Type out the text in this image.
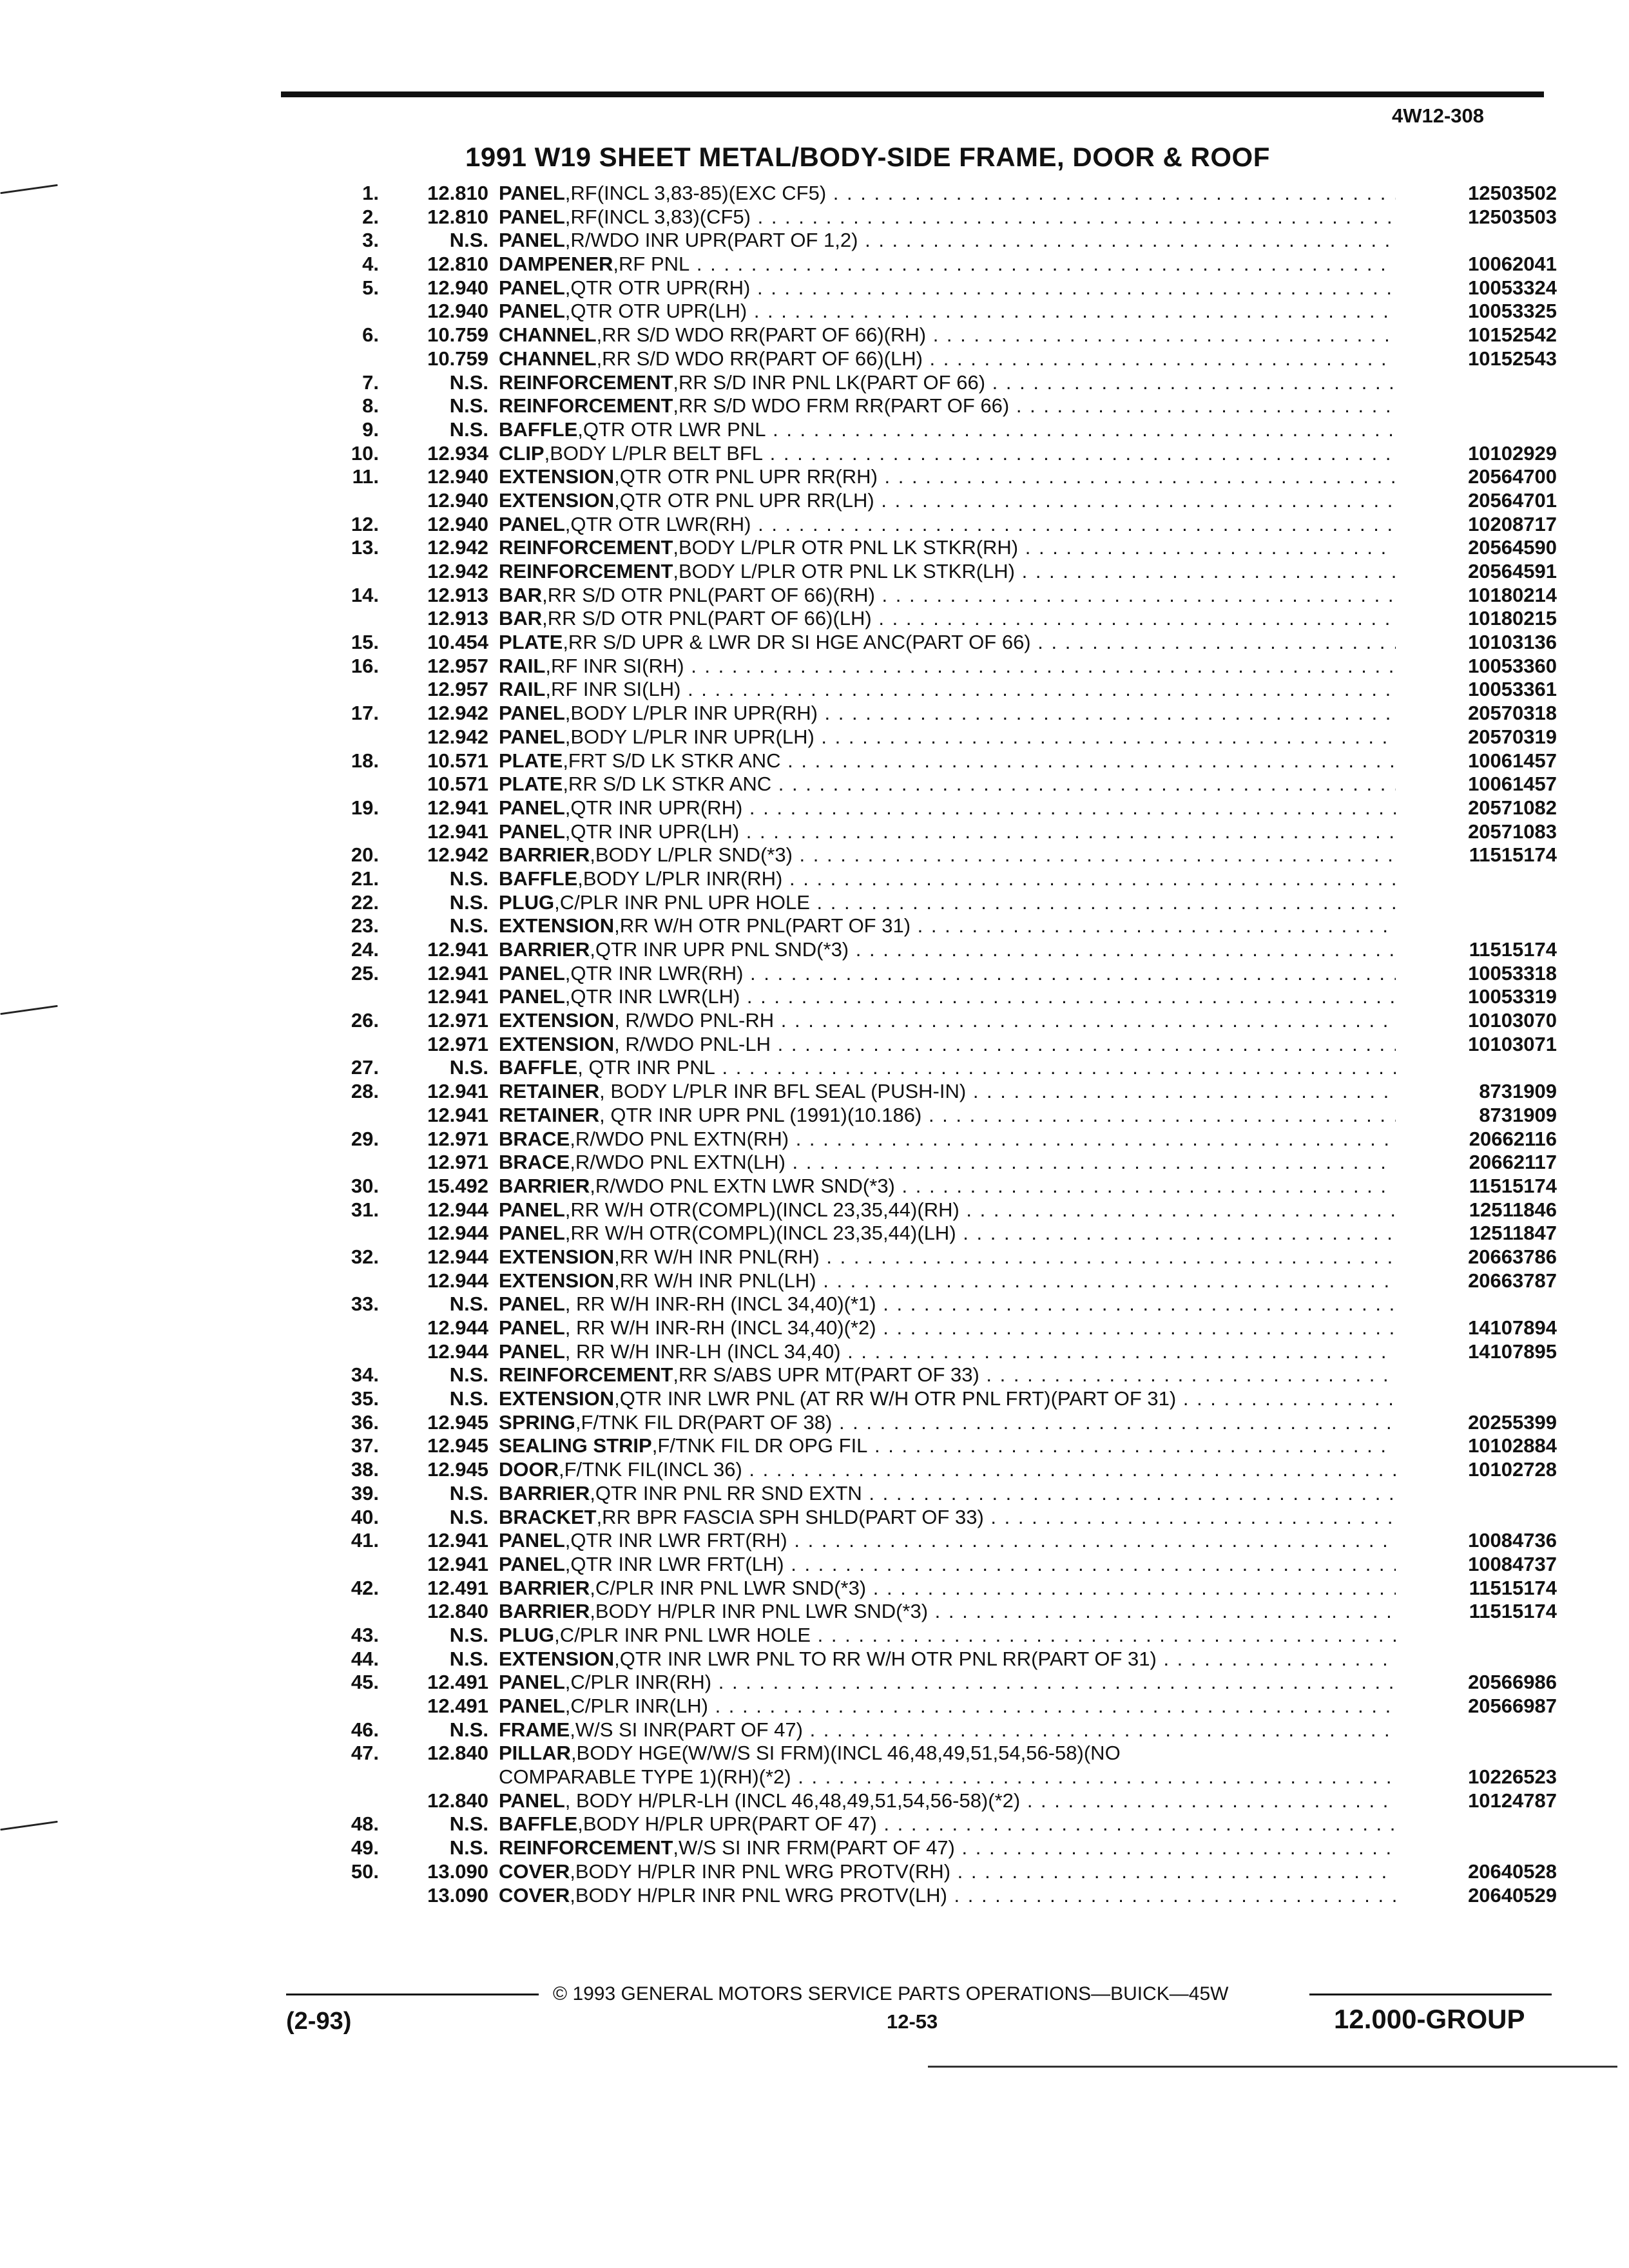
4W12-308
1991 W19 SHEET METAL/BODY-SIDE FRAME, DOOR & ROOF
1.	12.810 PANEL,RF(INCL 3,83-85)(EXC CF5) . . .	12503502
2.	12.810 PANEL,RF(INCL 3,83)(CF5) . . .	12503503
3.	N.S. PANEL,R/WDO INR UPR(PART OF 1,2) . . .
4.	12.810 DAMPENER,RF PNL . . .	10062041
5.	12.940 PANEL,QTR OTR UPR(RH) . . .	10053324
12.940 PANEL,QTR OTR UPR(LH) . . .	10053325
6.	10.759 CHANNEL,RR S/D WDO RR(PART OF 66)(RH) . . .	10152542
10.759 CHANNEL,RR S/D WDO RR(PART OF 66)(LH) . . .	10152543
7.	N.S. REINFORCEMENT,RR S/D INR PNL LK(PART OF 66) . . .
8.	N.S. REINFORCEMENT,RR S/D WDO FRM RR(PART OF 66) . . .
9.	N.S. BAFFLE,QTR OTR LWR PNL . . .
10.	12.934 CLIP,BODY L/PLR BELT BFL . . .	10102929
11.	12.940 EXTENSION,QTR OTR PNL UPR RR(RH) . . .	20564700
12.940 EXTENSION,QTR OTR PNL UPR RR(LH) . . .	20564701
12.	12.940 PANEL,QTR OTR LWR(RH) . . .	10208717
13.	12.942 REINFORCEMENT,BODY L/PLR OTR PNL LK STKR(RH) . . .	20564590
12.942 REINFORCEMENT,BODY L/PLR OTR PNL LK STKR(LH) . . .	20564591
14.	12.913 BAR,RR S/D OTR PNL(PART OF 66)(RH) . . .	10180214
12.913 BAR,RR S/D OTR PNL(PART OF 66)(LH) . . .	10180215
15.	10.454 PLATE,RR S/D UPR & LWR DR SI HGE ANC(PART OF 66) . . .	10103136
16.	12.957 RAIL,RF INR SI(RH) . . .	10053360
12.957 RAIL,RF INR SI(LH) . . .	10053361
17.	12.942 PANEL,BODY L/PLR INR UPR(RH) . . .	20570318
12.942 PANEL,BODY L/PLR INR UPR(LH) . . .	20570319
18.	10.571 PLATE,FRT S/D LK STKR ANC . . .	10061457
10.571 PLATE,RR S/D LK STKR ANC . . .	10061457
19.	12.941 PANEL,QTR INR UPR(RH) . . .	20571082
12.941 PANEL,QTR INR UPR(LH) . . .	20571083
20.	12.942 BARRIER,BODY L/PLR SND(*3) . . .	11515174
21.	N.S. BAFFLE,BODY L/PLR INR(RH) . . .
22.	N.S. PLUG,C/PLR INR PNL UPR HOLE . . .
23.	N.S. EXTENSION,RR W/H OTR PNL(PART OF 31) . . .
24.	12.941 BARRIER,QTR INR UPR PNL SND(*3) . . .	11515174
25.	12.941 PANEL,QTR INR LWR(RH) . . .	10053318
12.941 PANEL,QTR INR LWR(LH) . . .	10053319
26.	12.971 EXTENSION, R/WDO PNL-RH . . .	10103070
12.971 EXTENSION, R/WDO PNL-LH . . .	10103071
27.	N.S. BAFFLE, QTR INR PNL . . .
28.	12.941 RETAINER, BODY L/PLR INR BFL SEAL (PUSH-IN) . . .	8731909
12.941 RETAINER, QTR INR UPR PNL (1991)(10.186) . . .	8731909
29.	12.971 BRACE,R/WDO PNL EXTN(RH) . . .	20662116
12.971 BRACE,R/WDO PNL EXTN(LH) . . .	20662117
30.	15.492 BARRIER,R/WDO PNL EXTN LWR SND(*3) . . .	11515174
31.	12.944 PANEL,RR W/H OTR(COMPL)(INCL 23,35,44)(RH) . . .	12511846
12.944 PANEL,RR W/H OTR(COMPL)(INCL 23,35,44)(LH) . . .	12511847
32.	12.944 EXTENSION,RR W/H INR PNL(RH) . . .	20663786
12.944 EXTENSION,RR W/H INR PNL(LH) . . .	20663787
33.	N.S. PANEL, RR W/H INR-RH (INCL 34,40)(*1) . . .
12.944 PANEL, RR W/H INR-RH (INCL 34,40)(*2) . . .	14107894
12.944 PANEL, RR W/H INR-LH (INCL 34,40) . . .	14107895
34.	N.S. REINFORCEMENT,RR S/ABS UPR MT(PART OF 33) . . .
35.	N.S. EXTENSION,QTR INR LWR PNL (AT RR W/H OTR PNL FRT)(PART OF 31) . . .
36.	12.945 SPRING,F/TNK FIL DR(PART OF 38) . . .	20255399
37.	12.945 SEALING STRIP,F/TNK FIL DR OPG FIL . . .	10102884
38.	12.945 DOOR,F/TNK FIL(INCL 36) . . .	10102728
39.	N.S. BARRIER,QTR INR PNL RR SND EXTN . . .
40.	N.S. BRACKET,RR BPR FASCIA SPH SHLD(PART OF 33) . . .
41.	12.941 PANEL,QTR INR LWR FRT(RH) . . .	10084736
12.941 PANEL,QTR INR LWR FRT(LH) . . .	10084737
42.	12.491 BARRIER,C/PLR INR PNL LWR SND(*3) . . .	11515174
12.840 BARRIER,BODY H/PLR INR PNL LWR SND(*3) . . .	11515174
43.	N.S. PLUG,C/PLR INR PNL LWR HOLE . . .
44.	N.S. EXTENSION,QTR INR LWR PNL TO RR W/H OTR PNL RR(PART OF 31) . . .
45.	12.491 PANEL,C/PLR INR(RH) . . .	20566986
12.491 PANEL,C/PLR INR(LH) . . .	20566987
46.	N.S. FRAME,W/S SI INR(PART OF 47) . . .
47.	12.840 PILLAR,BODY HGE(W/W/S SI FRM)(INCL 46,48,49,51,54,56-58)(NO
COMPARABLE TYPE 1)(RH)(*2) . . .	10226523
12.840 PANEL, BODY H/PLR-LH (INCL 46,48,49,51,54,56-58)(*2) . . .	10124787
48.	N.S. BAFFLE,BODY H/PLR UPR(PART OF 47) . . .
49.	N.S. REINFORCEMENT,W/S SI INR FRM(PART OF 47) . . .
50.	13.090 COVER,BODY H/PLR INR PNL WRG PROTV(RH) . . .	20640528
13.090 COVER,BODY H/PLR INR PNL WRG PROTV(LH) . . .	20640529
© 1993 GENERAL MOTORS SERVICE PARTS OPERATIONS—BUICK—45W
(2-93)	12-53	12.000-GROUP
